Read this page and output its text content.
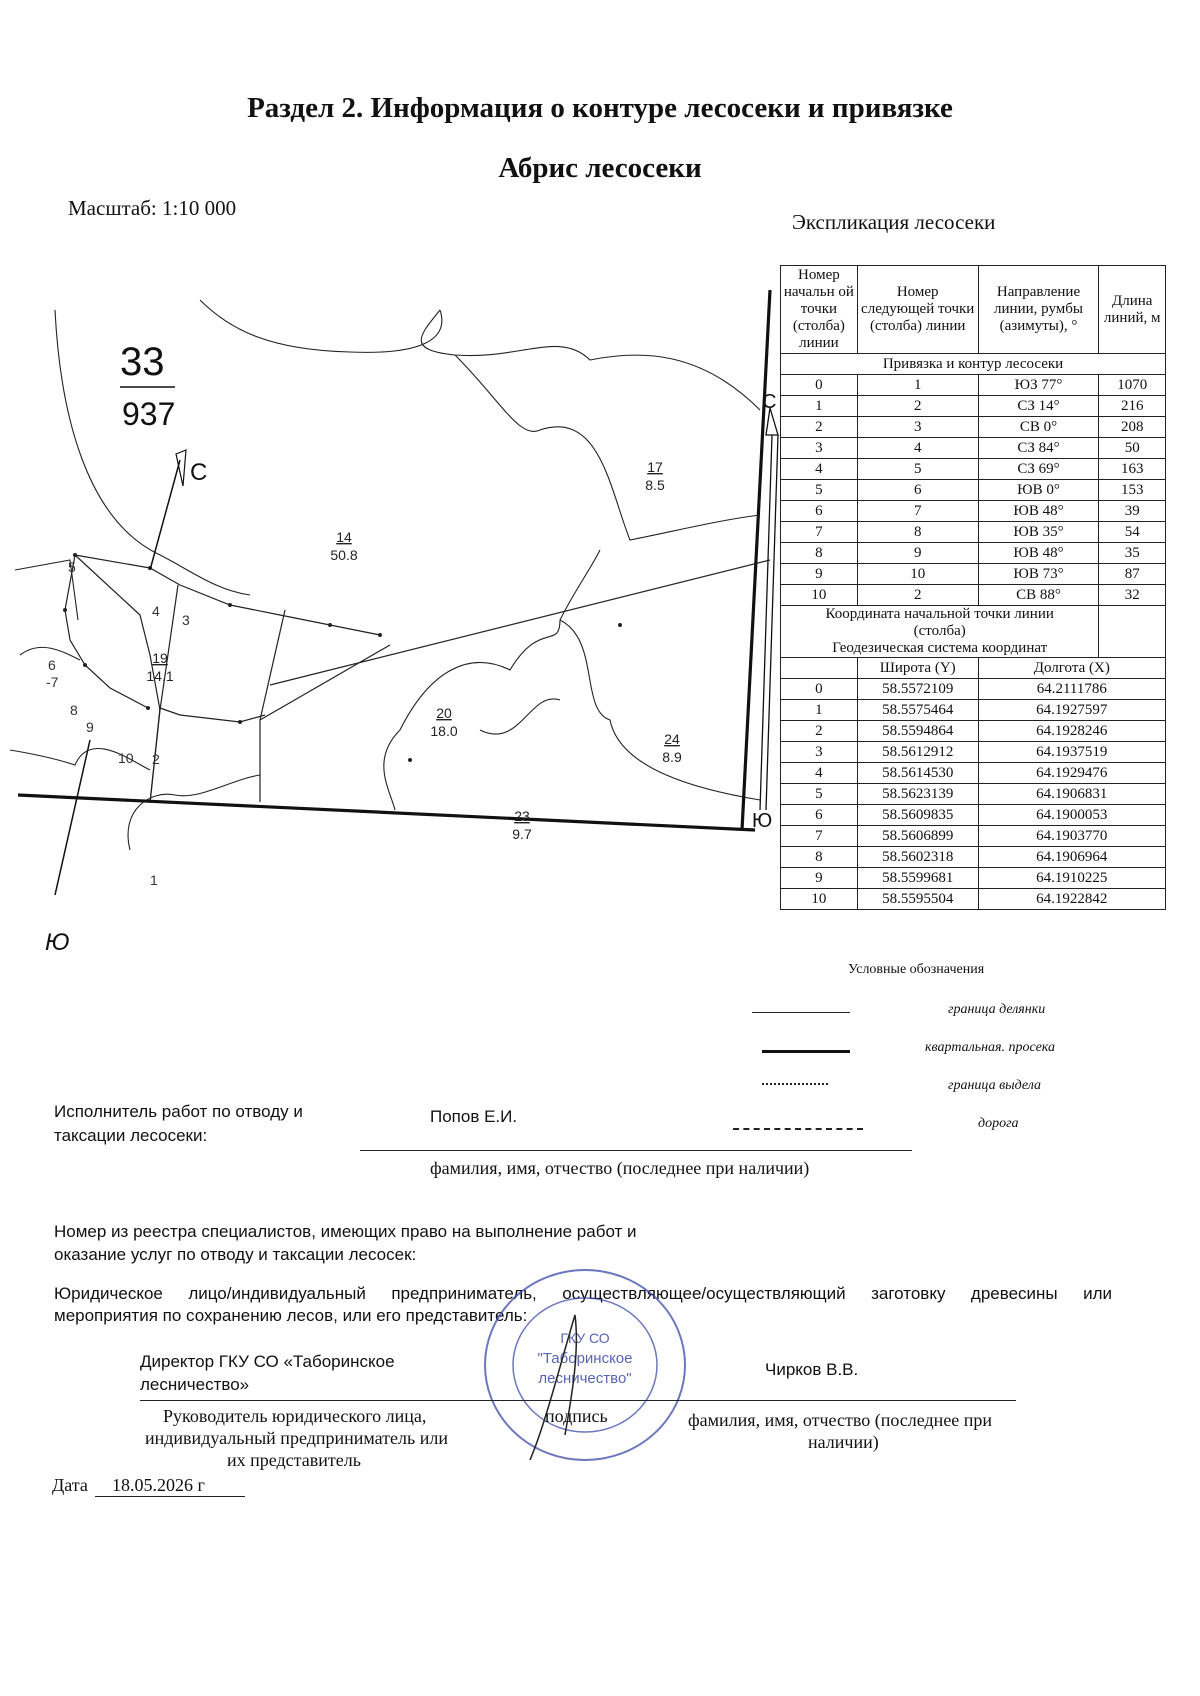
Раздел 2. Информация о контуре лесосеки и привязке
Абрис лесосеки
Масштаб: 1:10 000
Экспликация лесосеки
С
Ю
С
Ю
33
937
14
50.8
17
8.5
19
14.1
20
18.0
23
9.7
24
8.9
1
2
3
4
5
6
-7
8
9
10
Номер начальн ой точки (столба) линии	Номер следующей точки (столба) линии	Направление линии, румбы (азимуты), °	Длина линий, м
Привязка и контур лесосеки			
0	1	ЮЗ 77°	1070
1	2	СЗ 14°	216
2	3	СВ 0°	208
3	4	СЗ 84°	50
4	5	СЗ 69°	163
5	6	ЮВ 0°	153
6	7	ЮВ 48°	39
7	8	ЮВ 35°	54
8	9	ЮВ 48°	35
9	10	ЮВ 73°	87
10	2	СВ 88°	32
Координата начальной точки линии
(столба)
Геодезическая система координат			
	Широта (Y)	Долгота (X)	
0	58.5572109	64.2111786	
1	58.5575464	64.1927597	
2	58.5594864	64.1928246	
3	58.5612912	64.1937519	
4	58.5614530	64.1929476	
5	58.5623139	64.1906831	
6	58.5609835	64.1900053	
7	58.5606899	64.1903770	
8	58.5602318	64.1906964	
9	58.5599681	64.1910225	
10	58.5595504	64.1922842	
Условные обозначения
граница делянки
квартальная. просека
граница выдела
дорога
Исполнитель работ по отводу и
таксации лесосеки:
Попов Е.И.
фамилия, имя, отчество (последнее при наличии)
Номер из реестра специалистов, имеющих право на выполнение работ и
оказание услуг по отводу и таксации лесосек:
Юридическое лицо/индивидуальный предприниматель, осуществляющее/осуществляющий заготовку древесины или
мероприятия по сохранению лесов, или его представитель:
ГКУ СО
"Таборинское
лесничество"
Директор ГКУ СО «Таборинское
лесничество»
Чирков В.В.
Руководитель юридического лица,
индивидуальный предприниматель или
их представитель
подпись	фамилия, имя, отчество (последнее при
наличии)
Дата 18.05.2026 г
